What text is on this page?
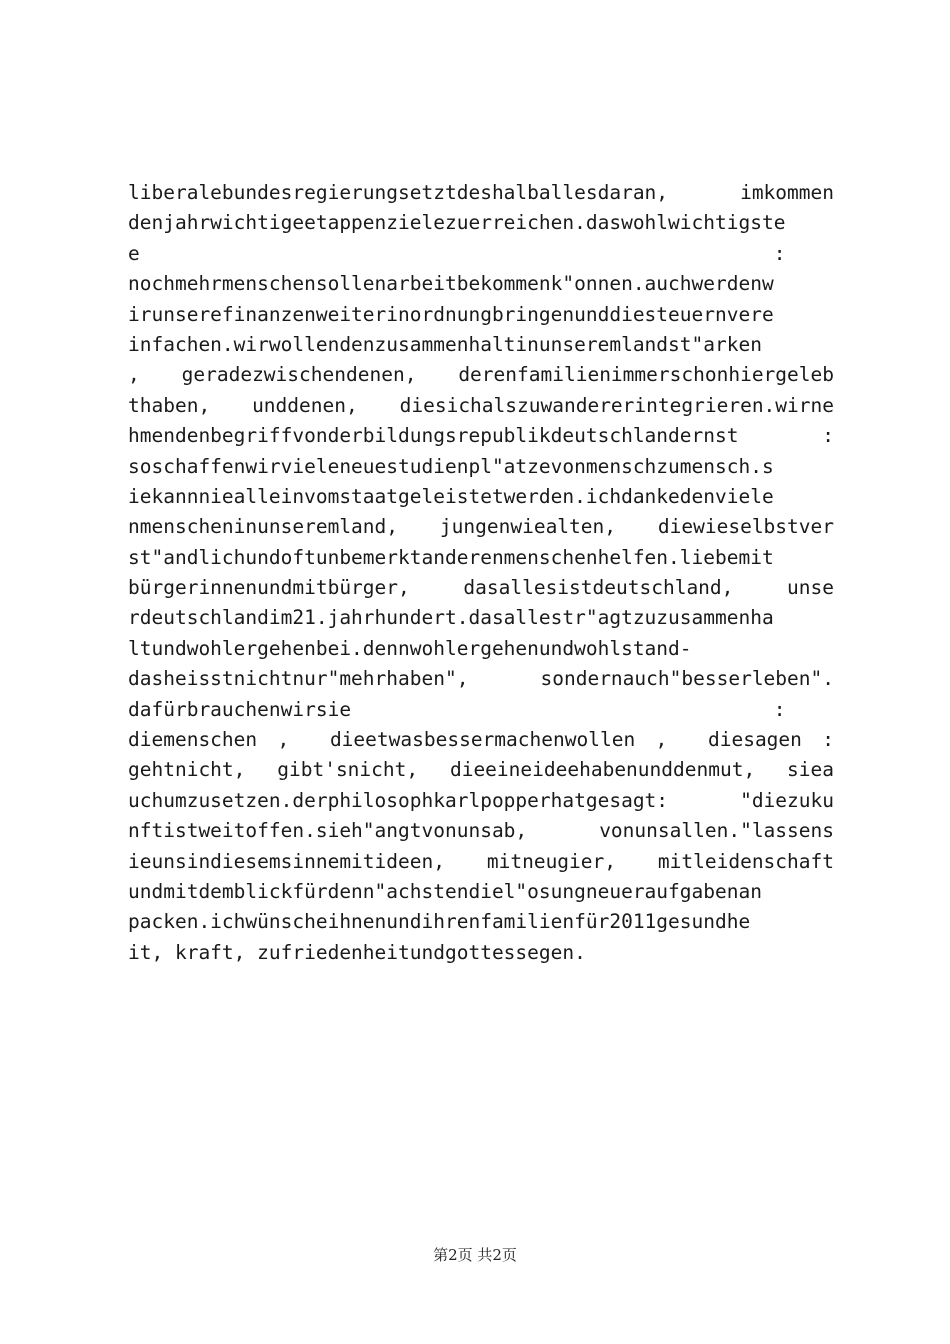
liberalebundesregierungsetztdeshalballesdaran, imkommen
denjahrwichtigeetappenzielezuerreichen.daswohlwichtigste
e                                                      :
nochmehrmenschensollenarbeitbekommenk"onnen.auchwerdenw
irunserefinanzenweiterinordnungbringenunddiesteuernvere
infachen.wirwollendenzusammenhaltinunseremlandst"arken
, geradezwischendenen, derenfamilienimmerschonhiergeleb
thaben, unddenen, diesichalszuwandererintegrieren.wirne
hmendenbegriffvonderbildungsrepublikdeutschlandernst :
soschaffenwirvieleneuestudienpl"atzevonmenschzumensch.s
iekannniealleinvomstaatgeleistetwerden.ichdankedenviele
nmenscheninunseremland, jungenwiealten, diewieselbstver
st"andlichundoftunbemerktanderenmenschenhelfen.liebemit
bürgerinnenundmitbürger, dasallesistdeutschland, unse
rdeutschlandim21.jahrhundert.dasallestr"agtzuzusammenha
ltundwohlergehenbei.dennwohlergehenundwohlstand-
dasheisstnichtnur"mehrhaben", sondernauch"besserleben".
dafürbrauchenwirsie                                    :
diemenschen ,  dieetwasbessermachenwollen ,  diesagen :
gehtnicht, gibt'snicht, dieeineideehabenunddenmut, siea
uchumzusetzen.derphilosophkarlpopperhatgesagt: "diezuku
nftistweitoffen.sieh"angtvonunsab, vonunsallen."lassens
ieunsindiesemsinnemitideen, mitneugier, mitleidenschaft
undmitdemblickfürdenn"achstendiel"osungneueraufgabenan
packen.ichwünscheihnenundihrenfamilienfür2011gesundhe
it, kraft, zufriedenheitundgottessegen.
第2页 共2页
